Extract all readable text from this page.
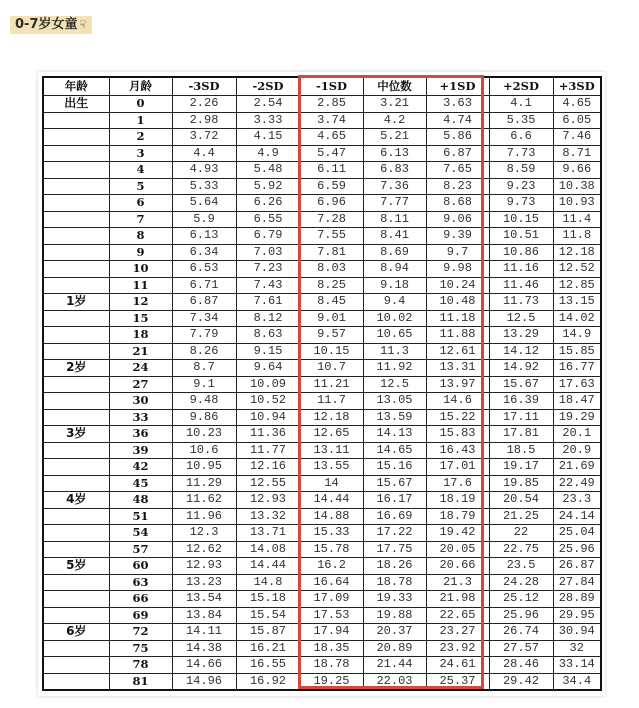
0-7岁女童 ☟
年龄	月龄	-3SD	-2SD	-1SD	中位数	+1SD	+2SD	+3SD
出生	0	2.26	2.54	2.85	3.21	3.63	4.1	4.65
	1	2.98	3.33	3.74	4.2	4.74	5.35	6.05
	2	3.72	4.15	4.65	5.21	5.86	6.6	7.46
	3	4.4	4.9	5.47	6.13	6.87	7.73	8.71
	4	4.93	5.48	6.11	6.83	7.65	8.59	9.66
	5	5.33	5.92	6.59	7.36	8.23	9.23	10.38
	6	5.64	6.26	6.96	7.77	8.68	9.73	10.93
	7	5.9	6.55	7.28	8.11	9.06	10.15	11.4
	8	6.13	6.79	7.55	8.41	9.39	10.51	11.8
	9	6.34	7.03	7.81	8.69	9.7	10.86	12.18
	10	6.53	7.23	8.03	8.94	9.98	11.16	12.52
	11	6.71	7.43	8.25	9.18	10.24	11.46	12.85
1岁	12	6.87	7.61	8.45	9.4	10.48	11.73	13.15
	15	7.34	8.12	9.01	10.02	11.18	12.5	14.02
	18	7.79	8.63	9.57	10.65	11.88	13.29	14.9
	21	8.26	9.15	10.15	11.3	12.61	14.12	15.85
2岁	24	8.7	9.64	10.7	11.92	13.31	14.92	16.77
	27	9.1	10.09	11.21	12.5	13.97	15.67	17.63
	30	9.48	10.52	11.7	13.05	14.6	16.39	18.47
	33	9.86	10.94	12.18	13.59	15.22	17.11	19.29
3岁	36	10.23	11.36	12.65	14.13	15.83	17.81	20.1
	39	10.6	11.77	13.11	14.65	16.43	18.5	20.9
	42	10.95	12.16	13.55	15.16	17.01	19.17	21.69
	45	11.29	12.55	14	15.67	17.6	19.85	22.49
4岁	48	11.62	12.93	14.44	16.17	18.19	20.54	23.3
	51	11.96	13.32	14.88	16.69	18.79	21.25	24.14
	54	12.3	13.71	15.33	17.22	19.42	22	25.04
	57	12.62	14.08	15.78	17.75	20.05	22.75	25.96
5岁	60	12.93	14.44	16.2	18.26	20.66	23.5	26.87
	63	13.23	14.8	16.64	18.78	21.3	24.28	27.84
	66	13.54	15.18	17.09	19.33	21.98	25.12	28.89
	69	13.84	15.54	17.53	19.88	22.65	25.96	29.95
6岁	72	14.11	15.87	17.94	20.37	23.27	26.74	30.94
	75	14.38	16.21	18.35	20.89	23.92	27.57	32
	78	14.66	16.55	18.78	21.44	24.61	28.46	33.14
	81	14.96	16.92	19.25	22.03	25.37	29.42	34.4
